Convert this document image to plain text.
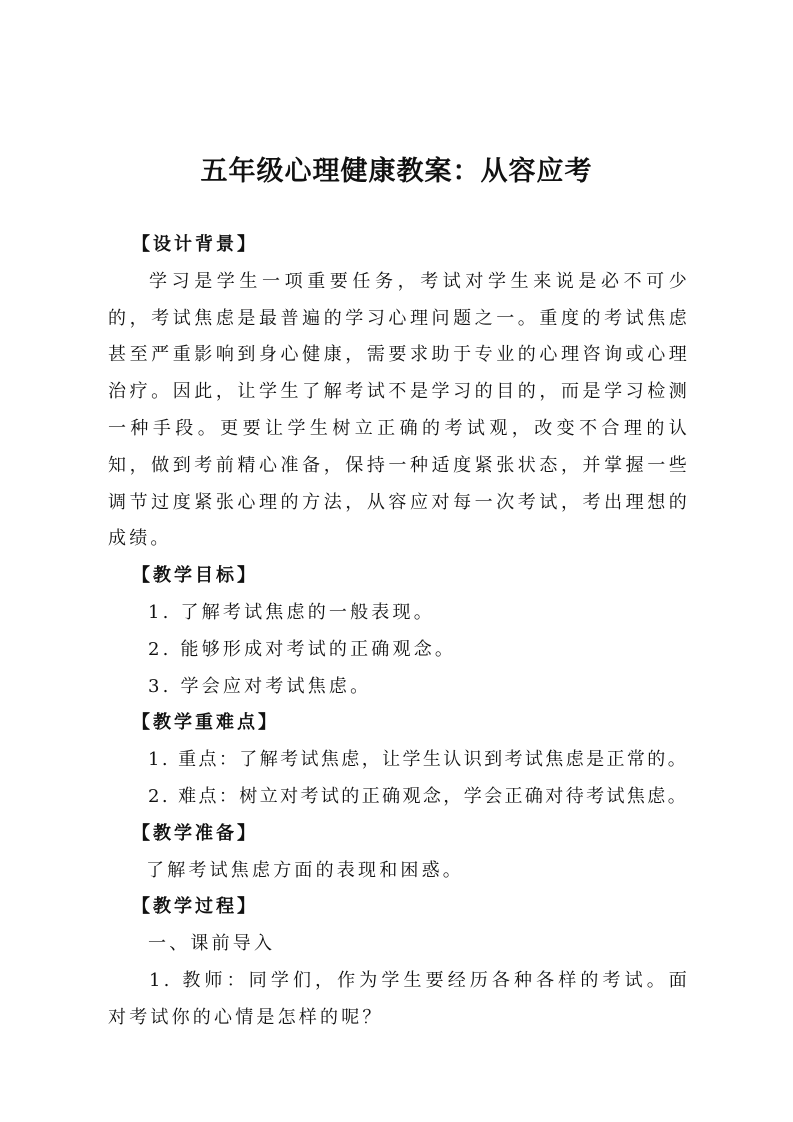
五年级心理健康教案：从容应考
【设计背景】
学习是学生一项重要任务，考试对学生来说是必不可少的，考试焦虑是最普遍的学习心理问题之一。重度的考试焦虑甚至严重影响到身心健康，需要求助于专业的心理咨询或心理治疗。因此，让学生了解考试不是学习的目的，而是学习检测一种手段。更要让学生树立正确的考试观，改变不合理的认知，做到考前精心准备，保持一种适度紧张状态，并掌握一些调节过度紧张心理的方法，从容应对每一次考试，考出理想的成绩。
【教学目标】
1. 了解考试焦虑的一般表现。
2. 能够形成对考试的正确观念。
3. 学会应对考试焦虑。
【教学重难点】
1. 重点：了解考试焦虑，让学生认识到考试焦虑是正常的。
2. 难点：树立对考试的正确观念，学会正确对待考试焦虑。
【教学准备】
了解考试焦虑方面的表现和困惑。
【教学过程】
一、课前导入
1. 教师：同学们，作为学生要经历各种各样的考试。面对考试你的心情是怎样的呢？
